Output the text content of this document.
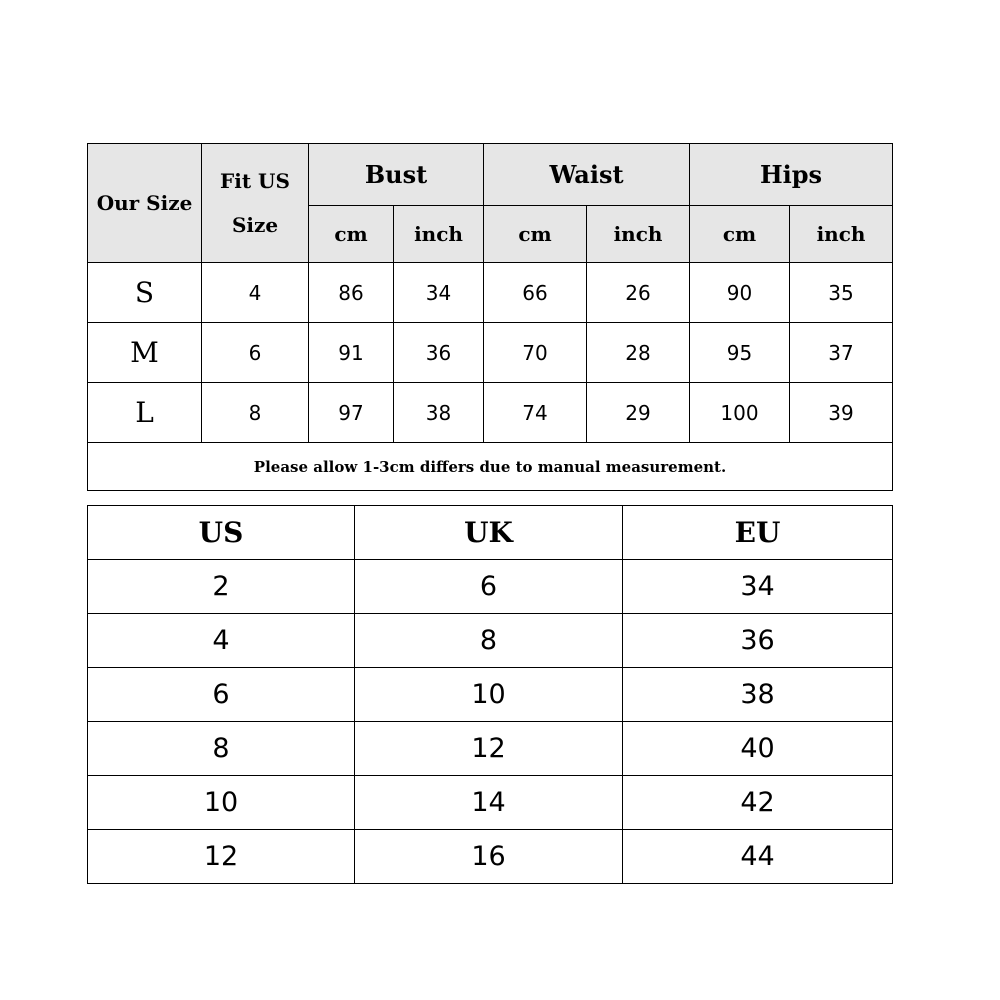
Our Size	Fit US Size	Bust		Waist		Hips	
		cm	inch	cm	inch	cm	inch
S	4	86	34	66	26	90	35
M	6	91	36	70	28	95	37
L	8	97	38	74	29	100	39
Please allow 1-3cm differs due to manual measurement.							
US	UK	EU
2	6	34
4	8	36
6	10	38
8	12	40
10	14	42
12	16	44
